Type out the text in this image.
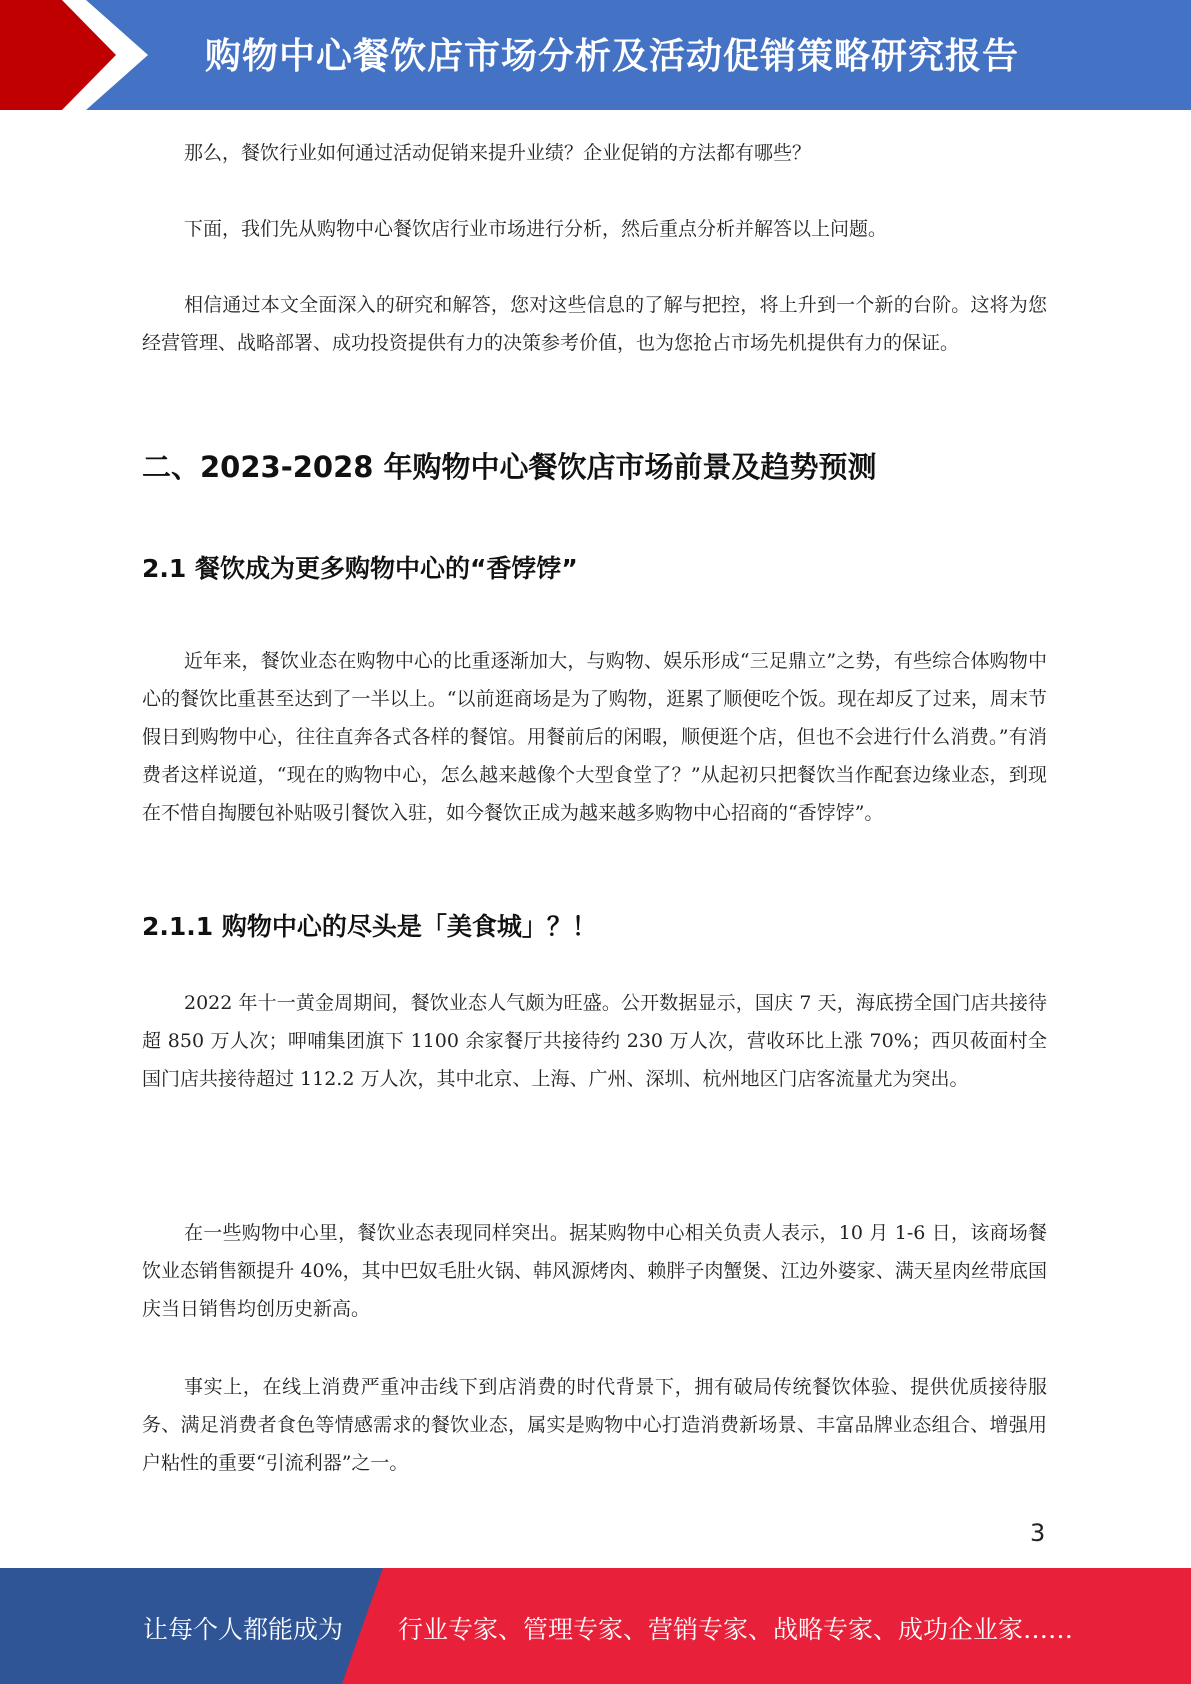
购物中心餐饮店市场分析及活动促销策略研究报告
那么，餐饮行业如何通过活动促销来提升业绩？企业促销的方法都有哪些？
下面，我们先从购物中心餐饮店行业市场进行分析，然后重点分析并解答以上问题。
相信通过本文全面深入的研究和解答，您对这些信息的了解与把控，将上升到一个新的台阶。这将为您经营管理、战略部署、成功投资提供有力的决策参考价值，也为您抢占市场先机提供有力的保证。
二、2023-2028 年购物中心餐饮店市场前景及趋势预测
2.1 餐饮成为更多购物中心的“香饽饽”
近年来，餐饮业态在购物中心的比重逐渐加大，与购物、娱乐形成“三足鼎立”之势，有些综合体购物中心的餐饮比重甚至达到了一半以上。“以前逛商场是为了购物，逛累了顺便吃个饭。现在却反了过来，周末节假日到购物中心，往往直奔各式各样的餐馆。用餐前后的闲暇，顺便逛个店，但也不会进行什么消费。”有消费者这样说道，“现在的购物中心，怎么越来越像个大型食堂了？”从起初只把餐饮当作配套边缘业态，到现在不惜自掏腰包补贴吸引餐饮入驻，如今餐饮正成为越来越多购物中心招商的“香饽饽”。
2.1.1 购物中心的尽头是「美食城」？！
2022 年十一黄金周期间，餐饮业态人气颇为旺盛。公开数据显示，国庆 7 天，海底捞全国门店共接待超 850 万人次；呷哺集团旗下 1100 余家餐厅共接待约 230 万人次，营收环比上涨 70%；西贝莜面村全国门店共接待超过 112.2 万人次，其中北京、上海、广州、深圳、杭州地区门店客流量尤为突出。
在一些购物中心里，餐饮业态表现同样突出。据某购物中心相关负责人表示，10 月 1-6 日，该商场餐饮业态销售额提升 40%，其中巴奴毛肚火锅、韩风源烤肉、赖胖子肉蟹煲、江边外婆家、满天星肉丝带底国庆当日销售均创历史新高。
事实上，在线上消费严重冲击线下到店消费的时代背景下，拥有破局传统餐饮体验、提供优质接待服务、满足消费者食色等情感需求的餐饮业态，属实是购物中心打造消费新场景、丰富品牌业态组合、增强用户粘性的重要“引流利器”之一。
3
让每个人都能成为 行业专家、管理专家、营销专家、战略专家、成功企业家……
